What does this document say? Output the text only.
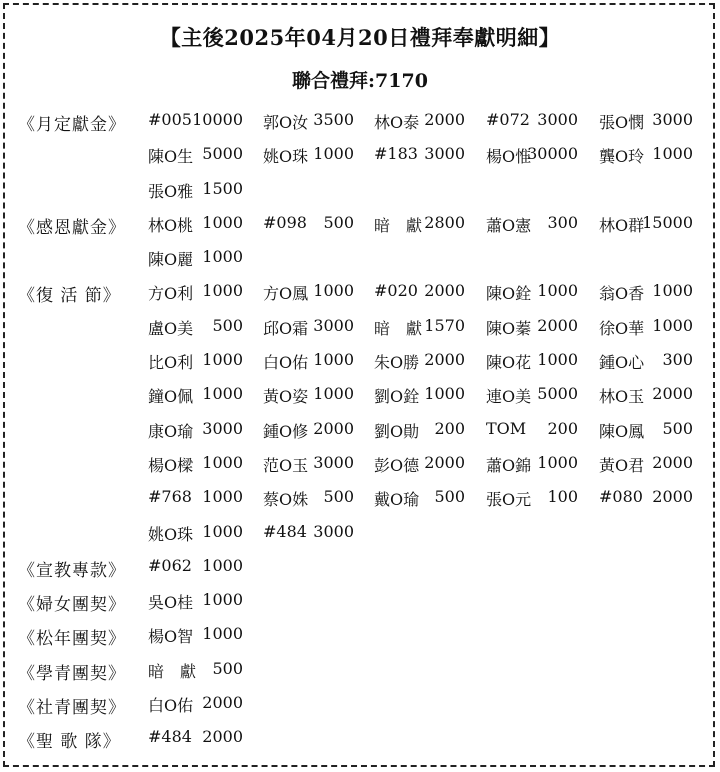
【主後2025年04月20日禮拜奉獻明細】
聯合禮拜:7170
《月定獻金》 #005 10000 郭O汝 3500 林O泰 2000 #072 3000 張O憫 3000
陳O生 5000 姚O珠 1000 #183 3000 楊O惟
30000 龔O玲 1000
張O雅 1500
《感恩獻金》 林O桃 1000 #098 500 暗　獻 2800 蕭O憲 300 林O群
15000
陳O麗 1000
《復 活 節》 方O利 1000 方O鳳 1000 #020 2000 陳O銓 1000 翁O香 1000
盧O美 500 邱O霜 3000 暗　獻 1570 陳O蓁 2000 徐O華 1000
比O利 1000 白O佑 1000 朱O勝 2000 陳O花 1000 鍾O心 300
鐘O佩 1000 黃O姿 1000 劉O銓 1000 連O美 5000 林O玉 2000
康O瑜 3000 鍾O修 2000 劉O勛 200 TOM 200 陳O鳳 500
楊O樑 1000 范O玉 3000 彭O德 2000 蕭O錦 1000 黃O君 2000
#768 1000 蔡O姝 500 戴O瑜 500 張O元 100 #080 2000
姚O珠 1000 #484 3000
《宣教專款》 #062 1000
《婦女團契》 吳O桂 1000
《松年團契》 楊O智 1000
《學青團契》 暗　獻 500
《社青團契》 白O佑 2000
《聖 歌 隊》 #484 2000
